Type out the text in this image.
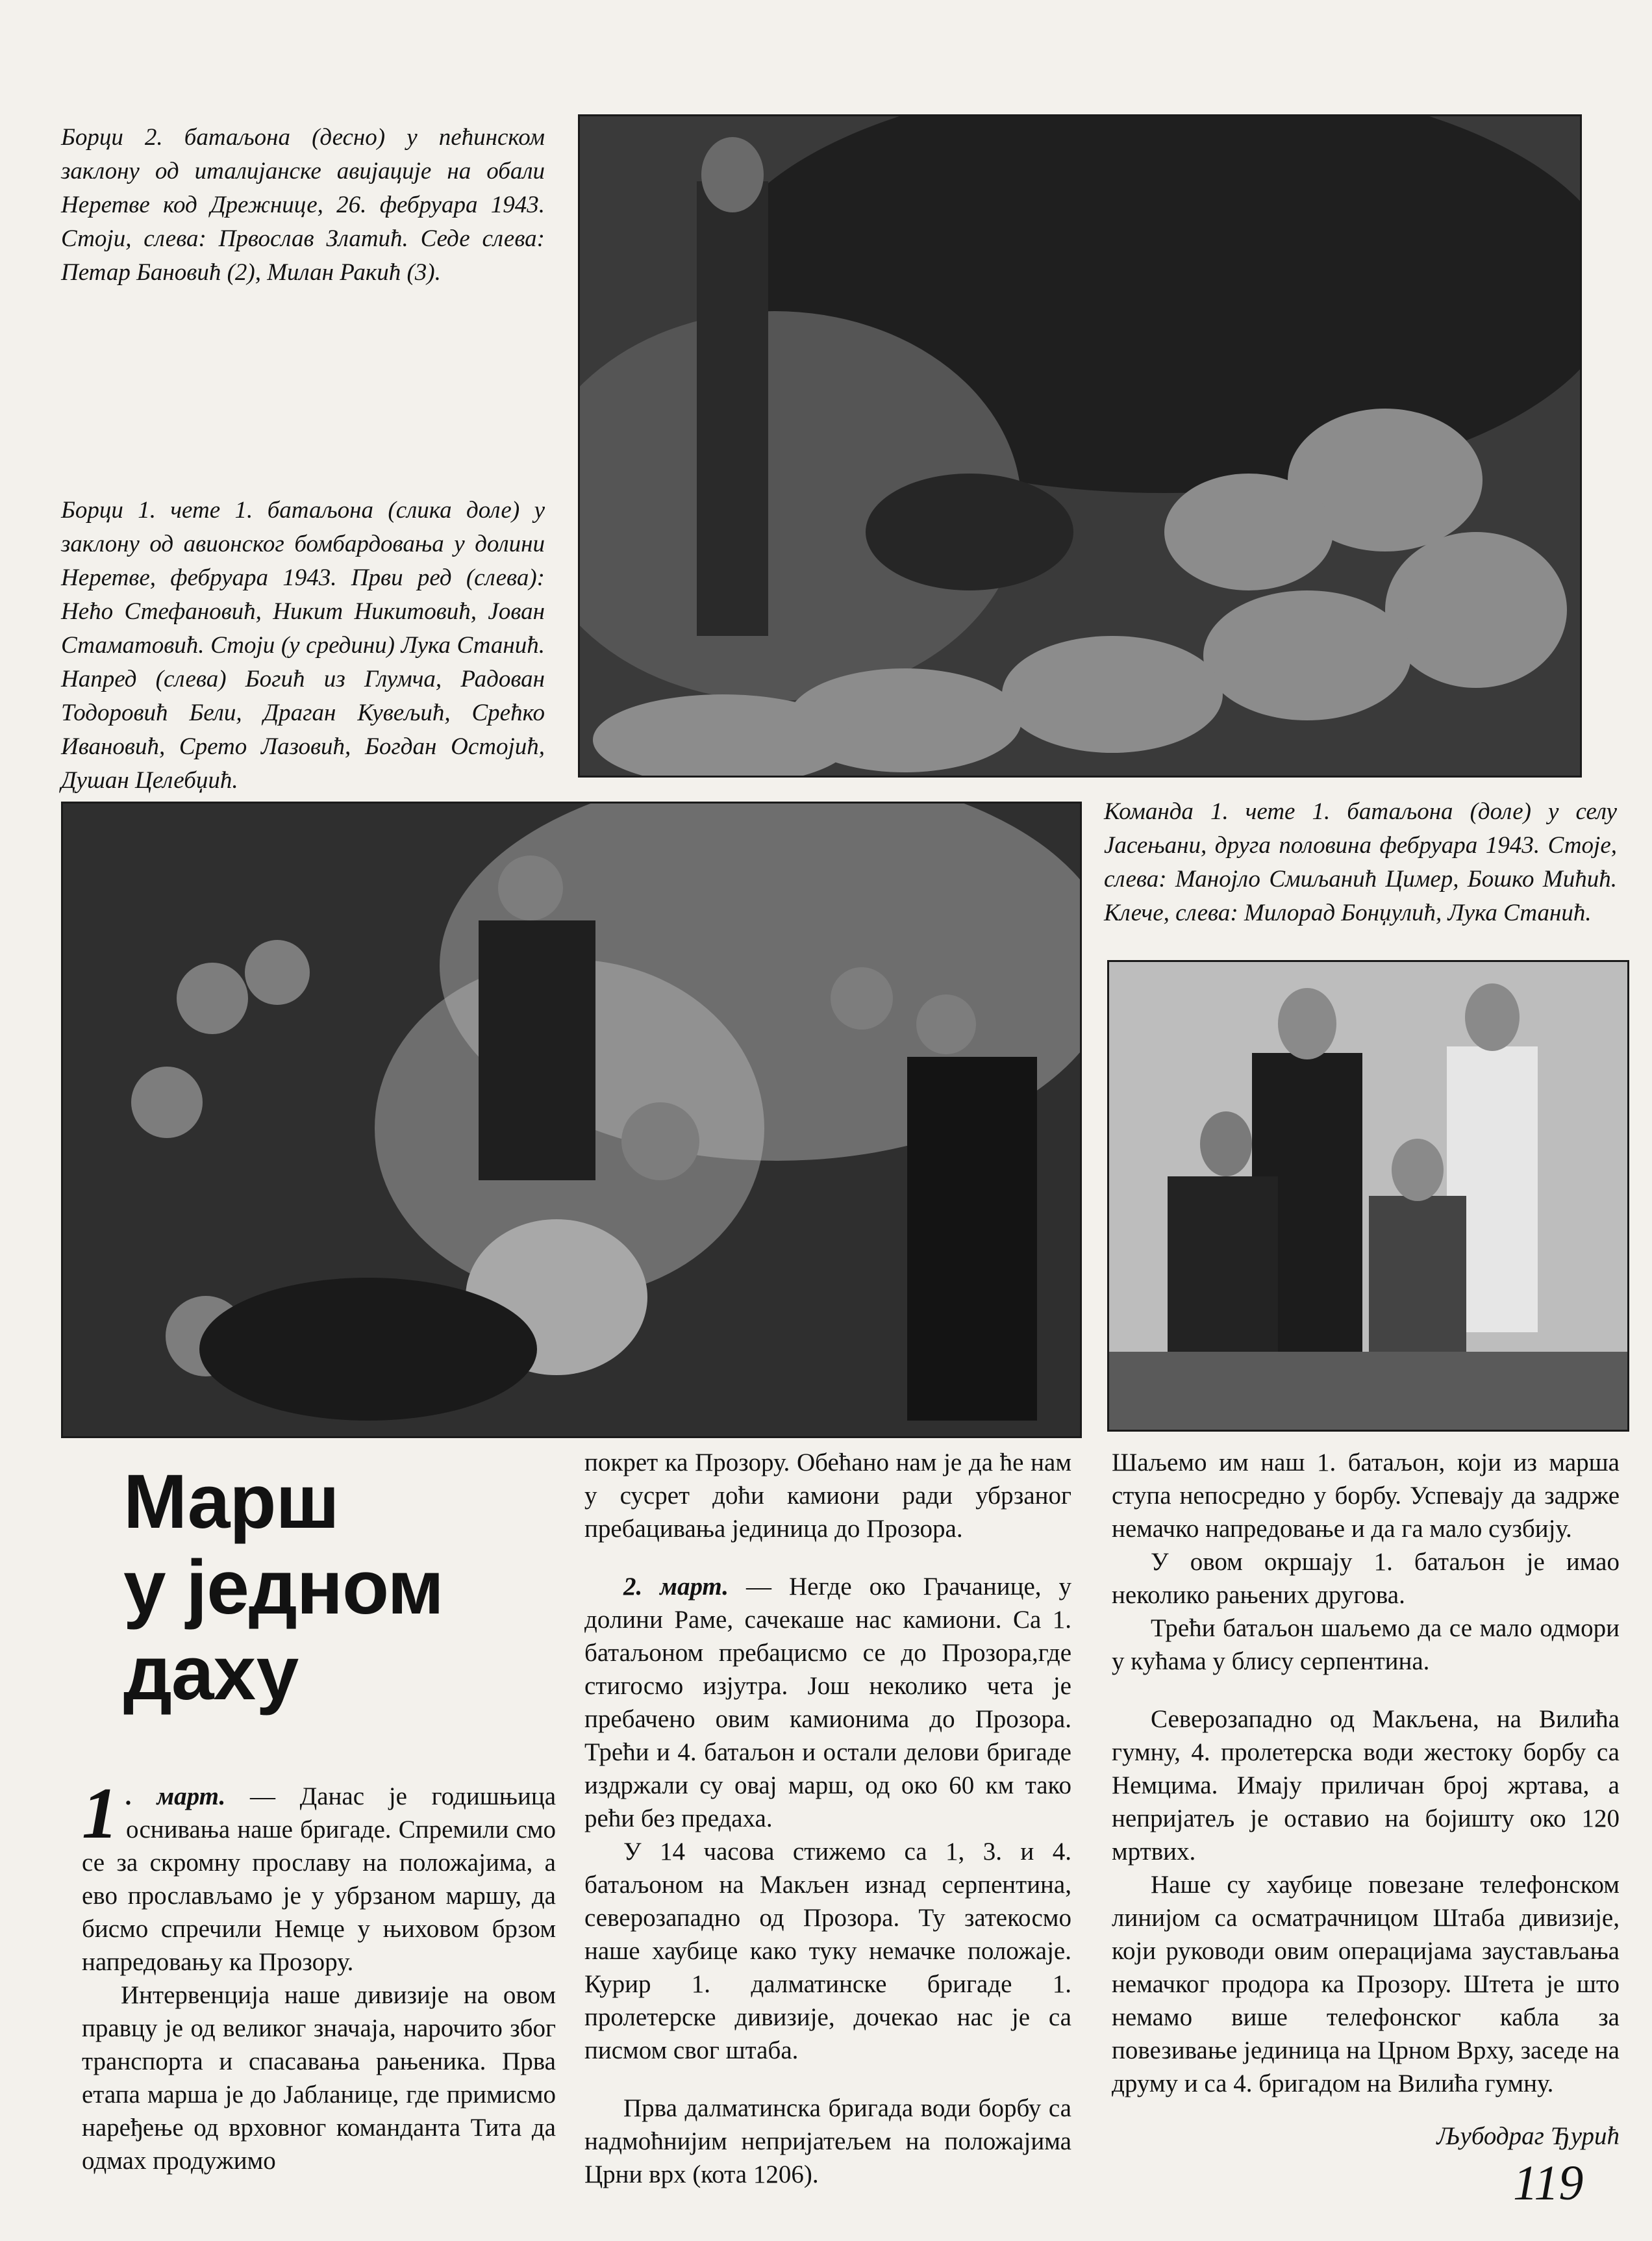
Борци 2. батаљона (десно) у пећинском заклону од италијанске авијације на обали Неретве код Дрежнице, 26. фебруара 1943. Стоји, слева: Првослав Златић. Седе слева: Петар Бановић (2), Милан Ракић (3).
Борци 1. чете 1. батаљона (слика доле) у заклону од авионског бомбардовања у долини Неретве, фебруара 1943. Први ред (слева): Нећо Стефановић, Никит Никитовић, Јован Стаматовић. Стоји (у средини) Лука Станић. Напред (слева) Богић из Глумча, Радован Тодоровић Бели, Драган Кувељић, Срећко Ивановић, Срето Лазовић, Богдан Остојић, Душан Целебџић.
Команда 1. чете 1. батаљона (доле) у селу Јасењани, друга половина фебруара 1943. Стоје, слева: Манојло Смиљанић Цимер, Бошко Мићић. Клече, слева: Милорад Бонџулић, Лука Станић.
Марш
у једном
даху

1 . март. — Данас је годишњица оснивања наше бригаде. Спремили смо се за скромну прославу на положајима, а ево прослављамо је у убрзаном маршу, да бисмо спречили Немце у њиховом брзом напредовању ка Прозору.

Интервенција наше дивизије на овом правцу је од великог значаја, нарочито због транспорта и спасавања рањеника. Прва етапа марша је до Јабланице, где примисмо наређење од врховног команданта Тита да одмах продужимо

покрет ка Прозору. Обећано нам је да ће нам у сусрет доћи камиони ради убрзаног пребацивања јединица до Прозора.

2. март. — Негде око Грачанице, у долини Раме, сачекаше нас камиони. Са 1. батаљоном пребацисмо се до Прозора,где стигосмо изјутра. Још неколико чета је пребачено овим камионима до Прозора. Трећи и 4. батаљон и остали делови бригаде издржали су овај марш, од око 60 км тако рећи без предаха.

У 14 часова стижемо са 1, 3. и 4. батаљоном на Макљен изнад серпентина, северозападно од Прозора. Ту затекосмо наше хаубице како туку немачке положаје. Курир 1. далматинске бригаде 1. пролетерске дивизије, дочекао нас је са писмом свог штаба.

Прва далматинска бригада води борбу са надмоћнијим непријатељем на положајима Црни врх (кота 1206).

Шаљемо им наш 1. батаљон, који из марша ступа непосредно у борбу. Успевају да задрже немачко напредовање и да га мало сузбију.

У овом окршају 1. батаљон је имао неколико рањених другова.

Трећи батаљон шаљемо да се мало одмори у кућама у блису серпентина.

Северозападно од Макљена, на Вилића гумну, 4. пролетерска води жестоку борбу са Немцима. Имају приличан број жртава, а непријатељ је оставио на бојишту око 120 мртвих.

Наше су хаубице повезане телефонском линијом са осматрачницом Штаба дивизије, који руководи овим операцијама заустављања немачког продора ка Прозору. Штета је што немамо више телефонског кабла за повезивање јединица на Црном Врху, заседе на друму и са 4. бригадом на Вилића гумну.

Љубодраг Ђурић
119
